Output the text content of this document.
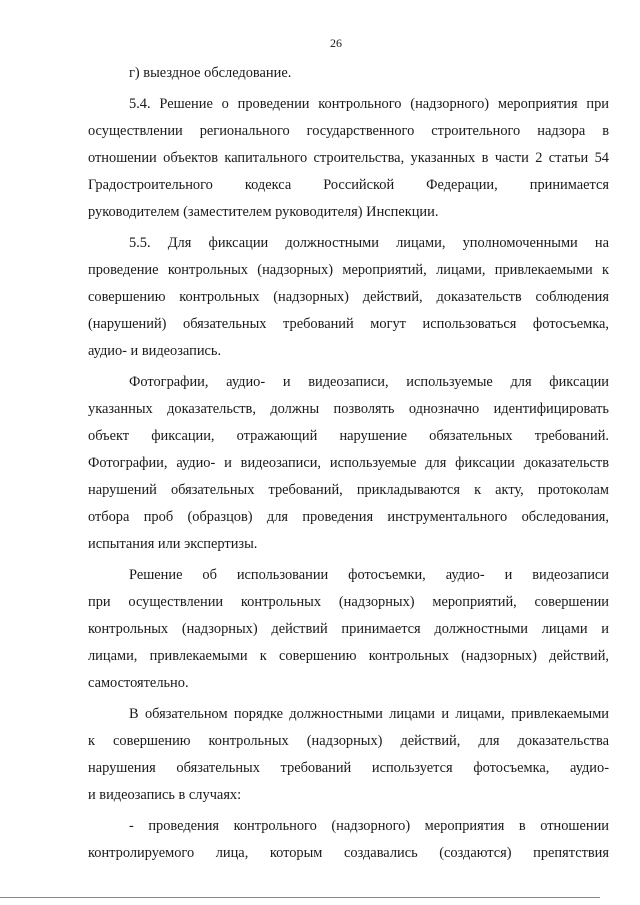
26
г) выездное обследование.
5.4. Решение о проведении контрольного (надзорного) мероприятия при
осуществлении регионального государственного строительного надзора в
отношении объектов капитального строительства, указанных в части 2 статьи 54
Градостроительного кодекса Российской Федерации, принимается
руководителем (заместителем руководителя) Инспекции.
5.5. Для фиксации должностными лицами, уполномоченными на
проведение контрольных (надзорных) мероприятий, лицами, привлекаемыми к
совершению контрольных (надзорных) действий, доказательств соблюдения
(нарушений) обязательных требований могут использоваться фотосъемка,
аудио- и видеозапись.
Фотографии, аудио- и видеозаписи, используемые для фиксации
указанных доказательств, должны позволять однозначно идентифицировать
объект фиксации, отражающий нарушение обязательных требований.
Фотографии, аудио- и видеозаписи, используемые для фиксации доказательств
нарушений обязательных требований, прикладываются к акту, протоколам
отбора проб (образцов) для проведения инструментального обследования,
испытания или экспертизы.
Решение об использовании фотосъемки, аудио- и видеозаписи
при осуществлении контрольных (надзорных) мероприятий, совершении
контрольных (надзорных) действий принимается должностными лицами и
лицами, привлекаемыми к совершению контрольных (надзорных) действий,
самостоятельно.
В обязательном порядке должностными лицами и лицами, привлекаемыми
к совершению контрольных (надзорных) действий, для доказательства
нарушения обязательных требований используется фотосъемка, аудио-
и видеозапись в случаях:
- проведения контрольного (надзорного) мероприятия в отношении
контролируемого лица, которым создавались (создаются) препятствия
